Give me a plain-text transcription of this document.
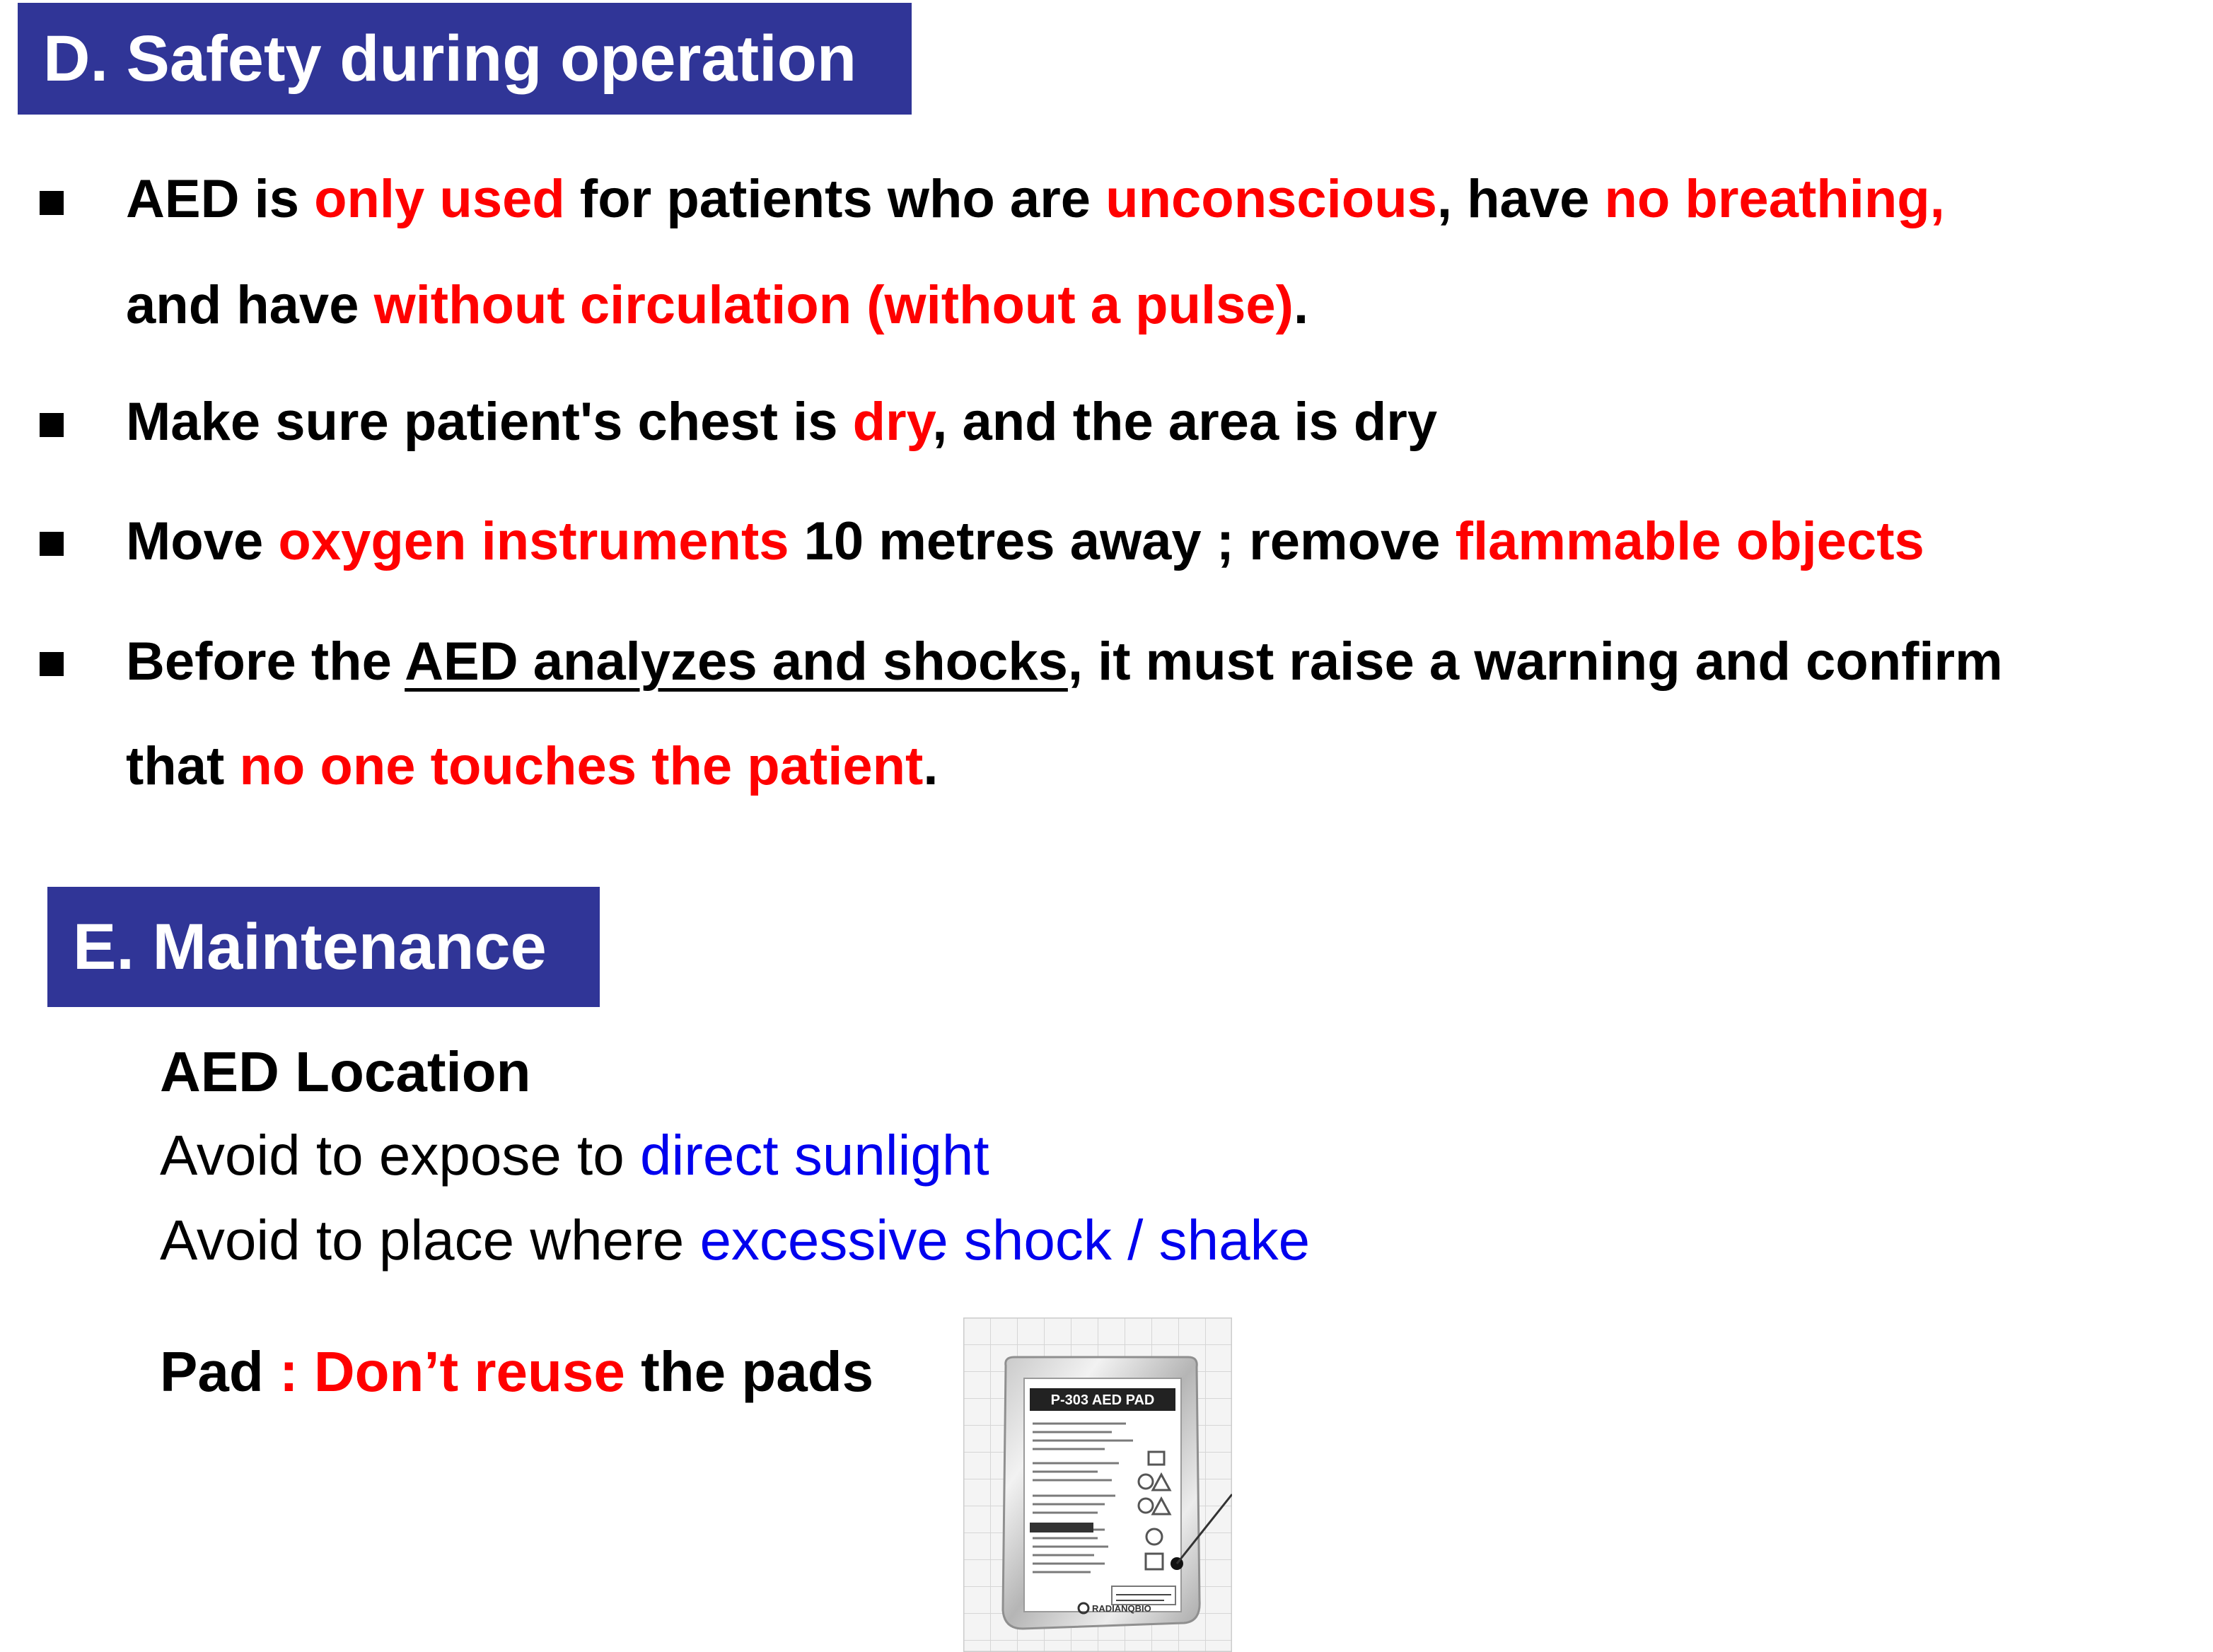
D. Safety during operation
AED is only used for patients who are unconscious, have no breathing,
and have without circulation (without a pulse).
Make sure patient's chest is dry, and the area is dry
Move oxygen instruments 10 metres away ; remove flammable objects
Before the AED analyzes and shocks, it must raise a warning and confirm
that no one touches the patient.
E. Maintenance
AED Location
Avoid to expose to direct sunlight
Avoid to place where excessive shock / shake
Pad : Don’t reuse the pads	P-303 AED PAD
RADIANQBIO
